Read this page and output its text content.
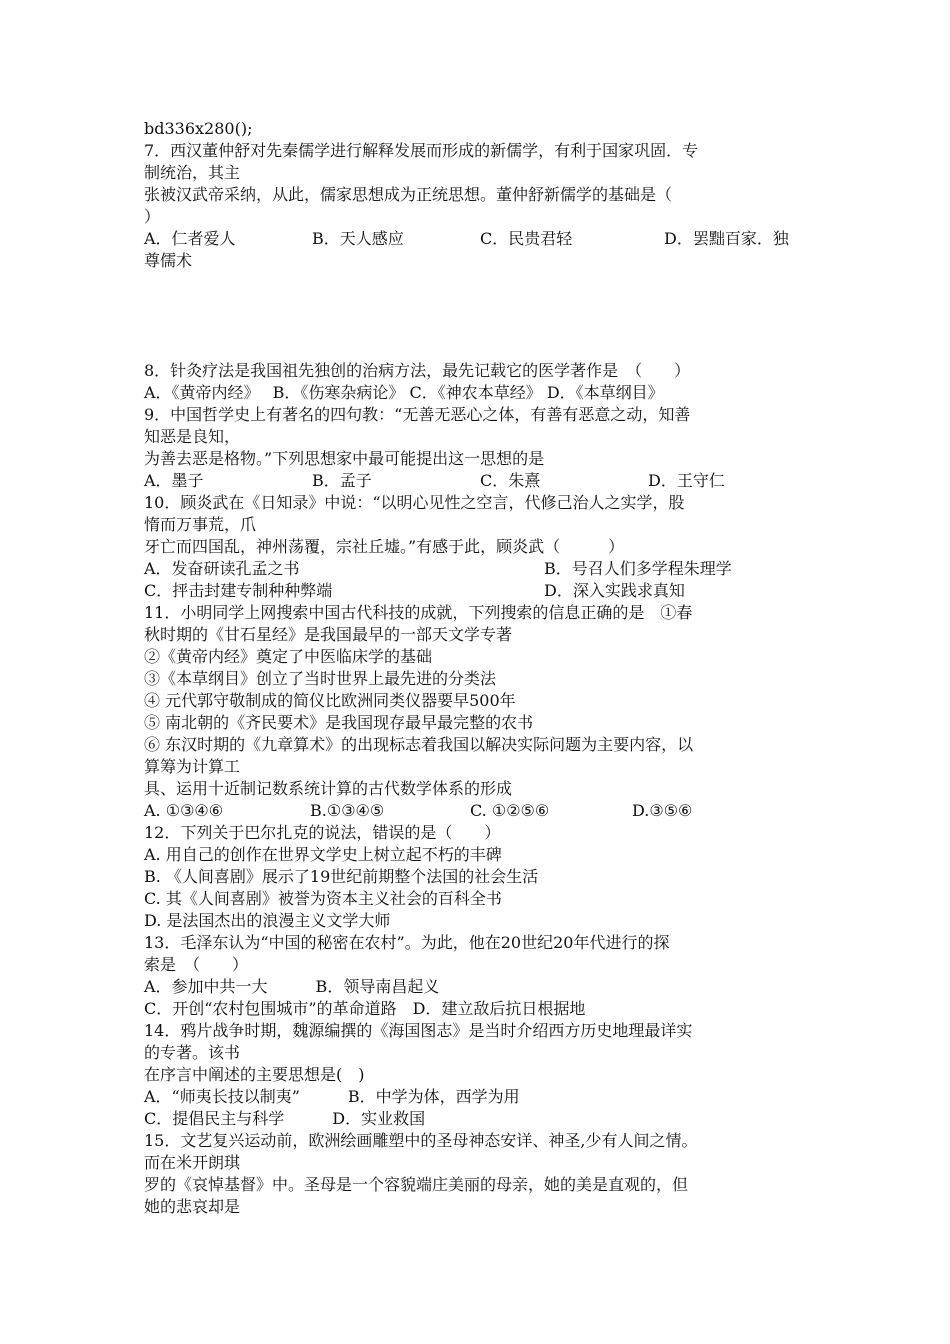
bd336x280();
7．西汉董仲舒对先秦儒学进行解释发展而形成的新儒学，有利于国家巩固．专
制统治，其主
张被汉武帝采纳，从此，儒家思想成为正统思想。董仲舒新儒学的基础是（
）
A．仁者爱人	B．天人感应	C．民贵君轻	D．罢黜百家．独
尊儒术
8．针灸疗法是我国祖先独创的治病方法，最先记载它的医学著作是　（　　）
A．《黄帝内经》　 B．《伤寒杂病论》 C．《神农本草经》 D．《本草纲目》
9．中国哲学史上有著名的四句教：“无善无恶心之体，有善有恶意之动，知善
知恶是良知，
为善去恶是格物。”下列思想家中最可能提出这一思想的是
A．墨子	B．孟子	C．朱熹	D．王守仁
10．顾炎武在《日知录》中说：“以明心见性之空言，代修己治人之实学，股
惰而万事荒，爪
牙亡而四国乱，神州荡覆，宗社丘墟。”有感于此，顾炎武（　　　）
A．发奋研读孔孟之书	B．号召人们多学程朱理学
C．抨击封建专制种种弊端	D．深入实践求真知
11．小明同学上网搜索中国古代科技的成就，下列搜索的信息正确的是　①春
秋时期的《甘石星经》是我国最早的一部天文学专著
②《黄帝内经》奠定了中医临床学的基础
③《本草纲目》创立了当时世界上最先进的分类法
④ 元代郭守敬制成的简仪比欧洲同类仪器要早500年
⑤ 南北朝的《齐民要术》是我国现存最早最完整的农书
⑥ 东汉时期的《九章算术》的出现标志着我国以解决实际问题为主要内容，以
算筹为计算工
具、运用十近制记数系统计算的古代数学体系的形成
A. ①③④⑥	B.①③④⑤	C. ①②⑤⑥	D.③⑤⑥
12．下列关于巴尔扎克的说法，错误的是（　　）
A. 用自己的创作在世界文学史上树立起不朽的丰碑
B. 《人间喜剧》展示了19世纪前期整个法国的社会生活
C. 其《人间喜剧》被誉为资本主义社会的百科全书
D. 是法国杰出的浪漫主义文学大师
13．毛泽东认为“中国的秘密在农村”。为此，他在20世纪20年代进行的探
索是　（　　）
A．参加中共一大　　　B．领导南昌起义
C．开创“农村包围城市”的革命道路　D．建立敌后抗日根据地
14．鸦片战争时期，魏源编撰的《海国图志》是当时介绍西方历史地理最详实
的专著。该书
在序言中阐述的主要思想是(　)
A．“师夷长技以制夷”　　　B．中学为体，西学为用
C．提倡民主与科学　　　D．实业救国
15．文艺复兴运动前，欧洲绘画雕塑中的圣母神态安详、神圣,少有人间之情。
而在米开朗琪
罗的《哀悼基督》中。圣母是一个容貌端庄美丽的母亲，她的美是直观的，但
她的悲哀却是
